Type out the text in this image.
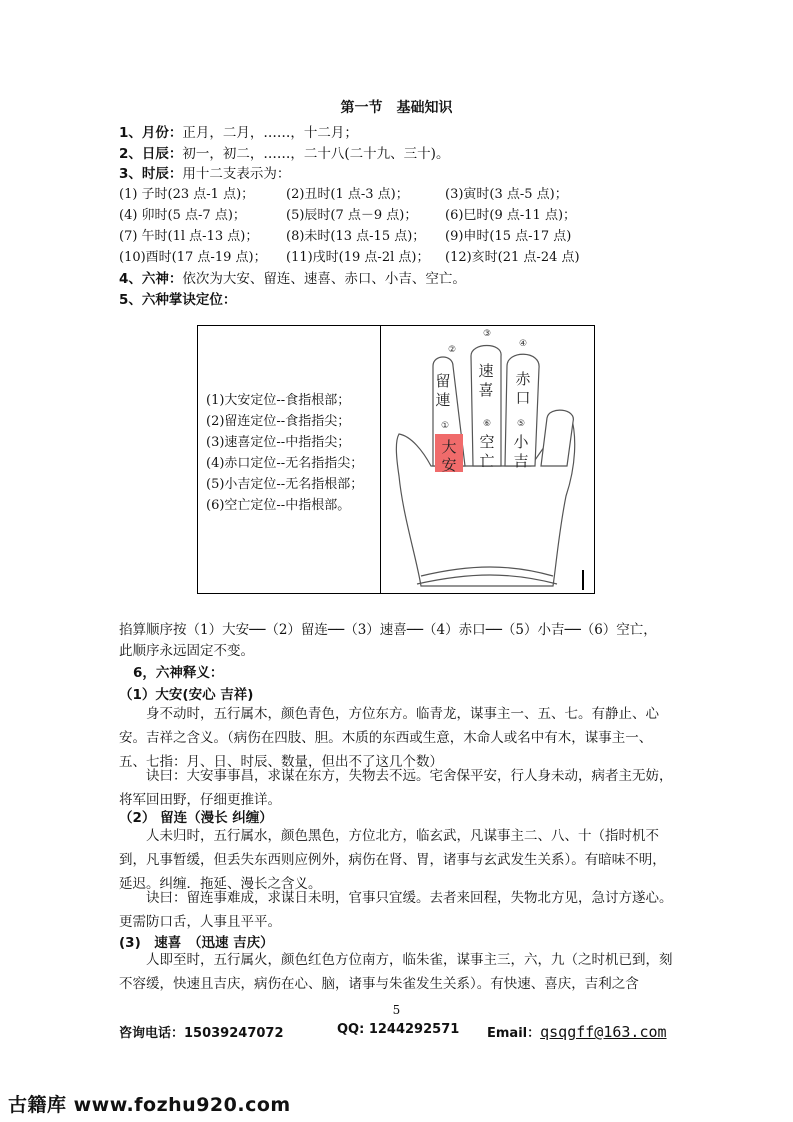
第一节　基础知识
1、月份：正月，二月，……，十二月；
2、日辰：初一，初二，……，二十八(二十九、三十)。
3、时辰：用十二支表示为：
(1) 子时(23 点-1 点)； (2)丑时(1 点-3 点)；	(3)寅时(3 点-5 点)；
(4) 卯时(5 点-7 点)；	(5)辰时(7 点－9 点)； (6)巳时(9 点-11 点)；
(7) 午时(1l 点-13 点)； (8)未时(13 点-15 点)； (9)申时(15 点-17 点)
(10)酉时(17 点-19 点)； (11)戌时(19 点-2l 点)； (12)亥时(21 点-24 点)
4、六神：依次为大安、留连、速喜、赤口、小吉、空亡。
5、六种掌诀定位：
(1)大安定位--食指根部；
(2)留连定位--食指指尖；
(3)速喜定位--中指指尖；
(4)赤口定位--无名指指尖；
(5)小吉定位--无名指根部；
(6)空亡定位--中指根部。
①
②
③
④
⑤
⑥
大
安
留
連
速
喜
赤
口
小
吉
空
亡
掐算顺序按（1）大安──（2）留连──（3）速喜──（4）赤口──（5）小吉──（6）空亡，
此顺序永远固定不变。
6，六神释义：
（1）大安(安心 吉祥)
身不动时，五行属木，颜色青色，方位东方。临青龙，谋事主一、五、七。有静止、心安。吉祥之含义。（病伤在四肢、胆。木质的东西或生意，木命人或名中有木，谋事主一、五、七指：月、日、时辰、数量，但出不了这几个数）
诀曰：大安事事昌，求谋在东方，失物去不远。宅舍保平安，行人身未动，病者主无妨，将军回田野，仔细更推详。
（2） 留连（漫长 纠缠）
人未归时，五行属水，颜色黑色，方位北方，临玄武，凡谋事主二、八、十（指时机不到，凡事暂缓，但丢失东西则应例外，病伤在肾、胃，诸事与玄武发生关系）。有暗味不明，延迟。纠缠．拖延、漫长之含义。
诀曰：留连事难成，求谋日未明，官事只宜缓。去者来回程，失物北方见，急讨方遂心。更需防口舌，人事且平平。
(3)　速喜　（迅速 吉庆）
人即至时，五行属火，颜色红色方位南方，临朱雀，谋事主三，六，九（之时机已到，刻不容缓，快速且吉庆，病伤在心、脑，诸事与朱雀发生关系）。有快速、喜庆，吉利之含
5
咨询电话：15039247072	QQ: 1244292571 Email：qsqgff@163.com
古籍库 www.fozhu920.com
